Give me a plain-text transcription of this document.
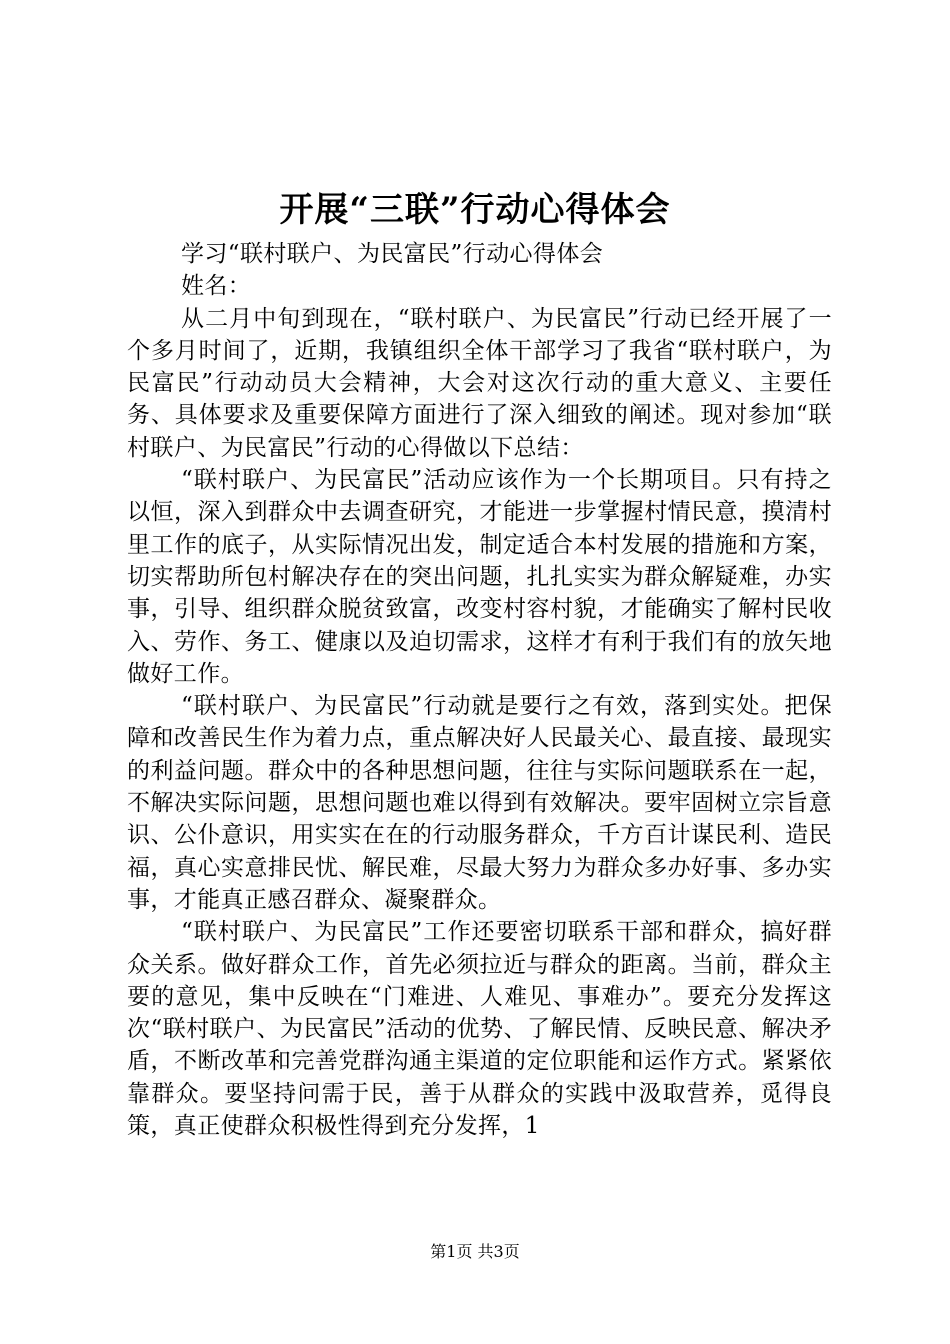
开展“三联”行动心得体会

学习“联村联户、为民富民”行动心得体会

姓名：

从二月中旬到现在，“联村联户、为民富民”行动已经开展了一个多月时间了，近期，我镇组织全体干部学习了我省“联村联户，为民富民”行动动员大会精神，大会对这次行动的重大意义、主要任务、具体要求及重要保障方面进行了深入细致的阐述。现对参加“联村联户、为民富民”行动的心得做以下总结：

“联村联户、为民富民”活动应该作为一个长期项目。只有持之以恒，深入到群众中去调查研究，才能进一步掌握村情民意，摸清村里工作的底子，从实际情况出发，制定适合本村发展的措施和方案，切实帮助所包村解决存在的突出问题，扎扎实实为群众解疑难，办实事，引导、组织群众脱贫致富，改变村容村貌，才能确实了解村民收入、劳作、务工、健康以及迫切需求，这样才有利于我们有的放矢地做好工作。

“联村联户、为民富民”行动就是要行之有效，落到实处。把保障和改善民生作为着力点，重点解决好人民最关心、最直接、最现实的利益问题。群众中的各种思想问题，往往与实际问题联系在一起，不解决实际问题，思想问题也难以得到有效解决。要牢固树立宗旨意识、公仆意识，用实实在在的行动服务群众，千方百计谋民利、造民福，真心实意排民忧、解民难，尽最大努力为群众多办好事、多办实事，才能真正感召群众、凝聚群众。

“联村联户、为民富民”工作还要密切联系干部和群众，搞好群众关系。做好群众工作，首先必须拉近与群众的距离。当前，群众主要的意见，集中反映在“门难进、人难见、事难办”。要充分发挥这次“联村联户、为民富民”活动的优势、了解民情、反映民意、解决矛盾，不断改革和完善党群沟通主渠道的定位职能和运作方式。紧紧依靠群众。要坚持问需于民，善于从群众的实践中汲取营养，觅得良策，真正使群众积极性得到充分发挥，1

第1页 共3页
